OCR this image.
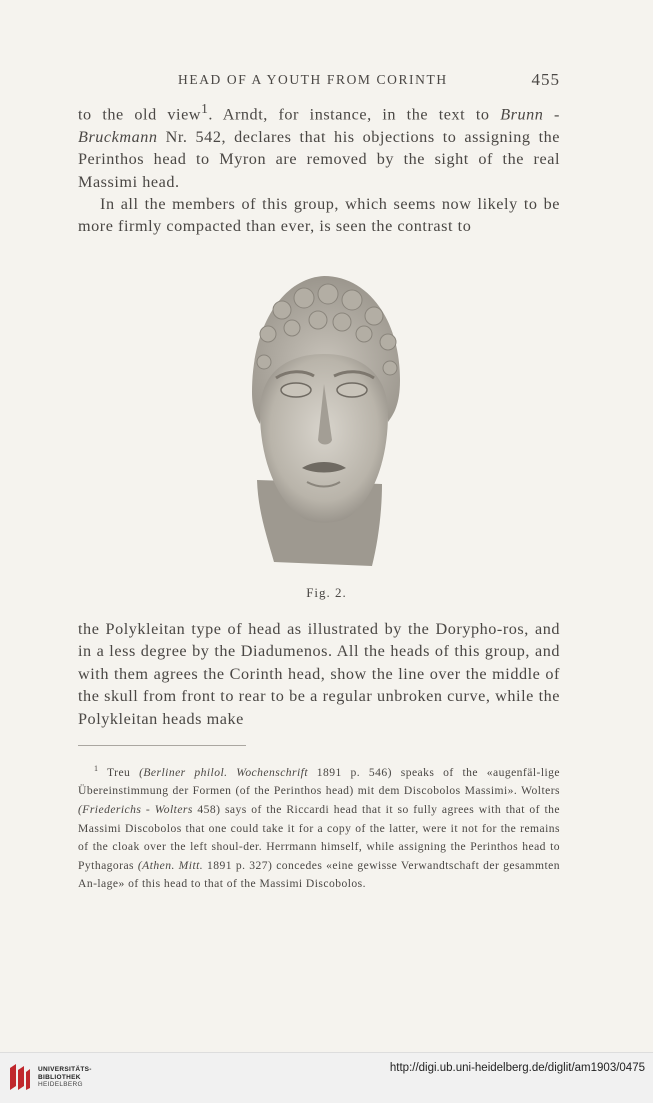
HEAD OF A YOUTH FROM CORINTH	455

to the old view$^1$. Arndt, for instance, in the text to Brunn - Bruckmann Nr. 542, declares that his objections to assigning the Perinthos head to Myron are removed by the sight of the real Massimi head.

In all the members of this group, which seems now likely to be more firmly compacted than ever, is seen the contrast to

Fig. 2.
the Polykleitan type of head as illustrated by the Dorypho-ros, and in a less degree by the Diadumenos. All the heads of this group, and with them agrees the Corinth head, show the line over the middle of the skull from front to rear to be a regular unbroken curve, while the Polykleitan heads make

$^1$ Treu (Berliner philol. Wochenschrift 1891 p. 546) speaks of the «augenfäl-lige Übereinstimmung der Formen (of the Perinthos head) mit dem Discobolos Massimi». Wolters (Friederichs - Wolters 458) says of the Riccardi head that it so fully agrees with that of the Massimi Discobolos that one could take it for a copy of the latter, were it not for the remains of the cloak over the left shoul-der. Herrmann himself, while assigning the Perinthos head to Pythagoras (Athen. Mitt. 1891 p. 327) concedes «eine gewisse Verwandtschaft der gesammten An-lage» of this head to that of the Massimi Discobolos.

UNIVERSITÄTS-
BIBLIOTHEK
HEIDELBERG
http://digi.ub.uni-heidelberg.de/diglit/am1903/0475
